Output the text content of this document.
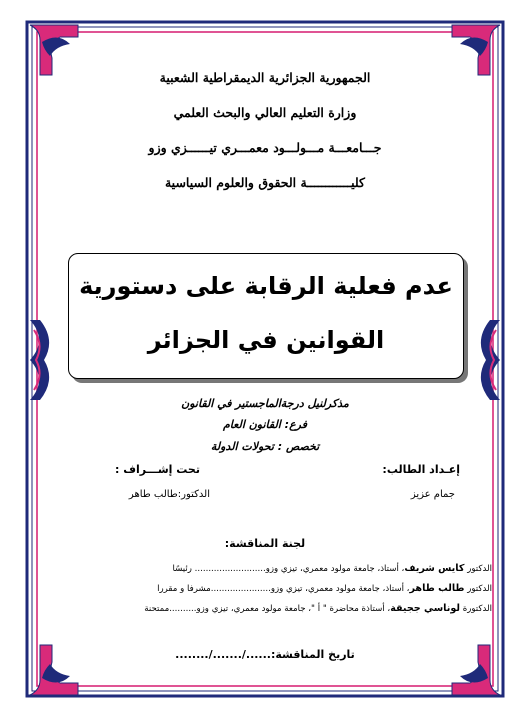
الجمهورية الجزائرية الديمقراطية الشعبية
وزارة التعليم العالي والبحث العلمي
جـــامعـــة مـــولـــود معمـــري تيــــــزي وزو
كليــــــــــــة الحقوق والعلوم السياسية
عدم فعلية الرقابة على دستورية
القوانين في الجزائر
مذكرلنيل درجةالماجستير في القانون
فرع: القانون العام
تخصص : تحولات الدولة
إعـداد الطالب:
تحت إشـــراف :
جمام عزيز
الدكتور:طالب طاهر
لجنة المناقشة:
الدكتور كايس شريف، أستاذ، جامعة مولود معمري، تيزي وزو.......................... رئيسًا
الدكتور طالب طاهر، أستاذ، جامعة مولود معمري، تيزي وزو......................مشرفا و مقررا
الدكتورة لوناسي ججيقة، أستاذة محاضرة " أ "، جامعة مولود معمري، تيزي وزو..........ممتحنة
تاريخ المناقشة:....../......./........
